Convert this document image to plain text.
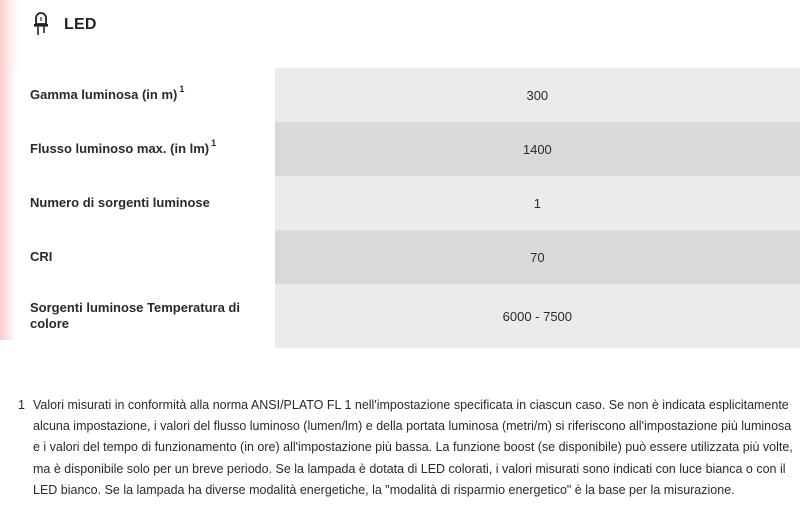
LED
Gamma luminosa (in m) $^1$	300
Flusso luminoso max. (in lm) $^1$	1400
Numero di sorgenti luminose	1
CRI	70
Sorgenti luminose Temperatura di colore	6000 - 7500
1 Valori misurati in conformità alla norma ANSI/PLATO FL 1 nell'impostazione specificata in ciascun caso. Se non è indicata esplicitamente alcuna impostazione, i valori del flusso luminoso (lumen/lm) e della portata luminosa (metri/m) si riferiscono all'impostazione più luminosa e i valori del tempo di funzionamento (in ore) all'impostazione più bassa. La funzione boost (se disponibile) può essere utilizzata più volte, ma è disponibile solo per un breve periodo. Se la lampada è dotata di LED colorati, i valori misurati sono indicati con luce bianca o con il LED bianco. Se la lampada ha diverse modalità energetiche, la "modalità di risparmio energetico" è la base per la misurazione.
